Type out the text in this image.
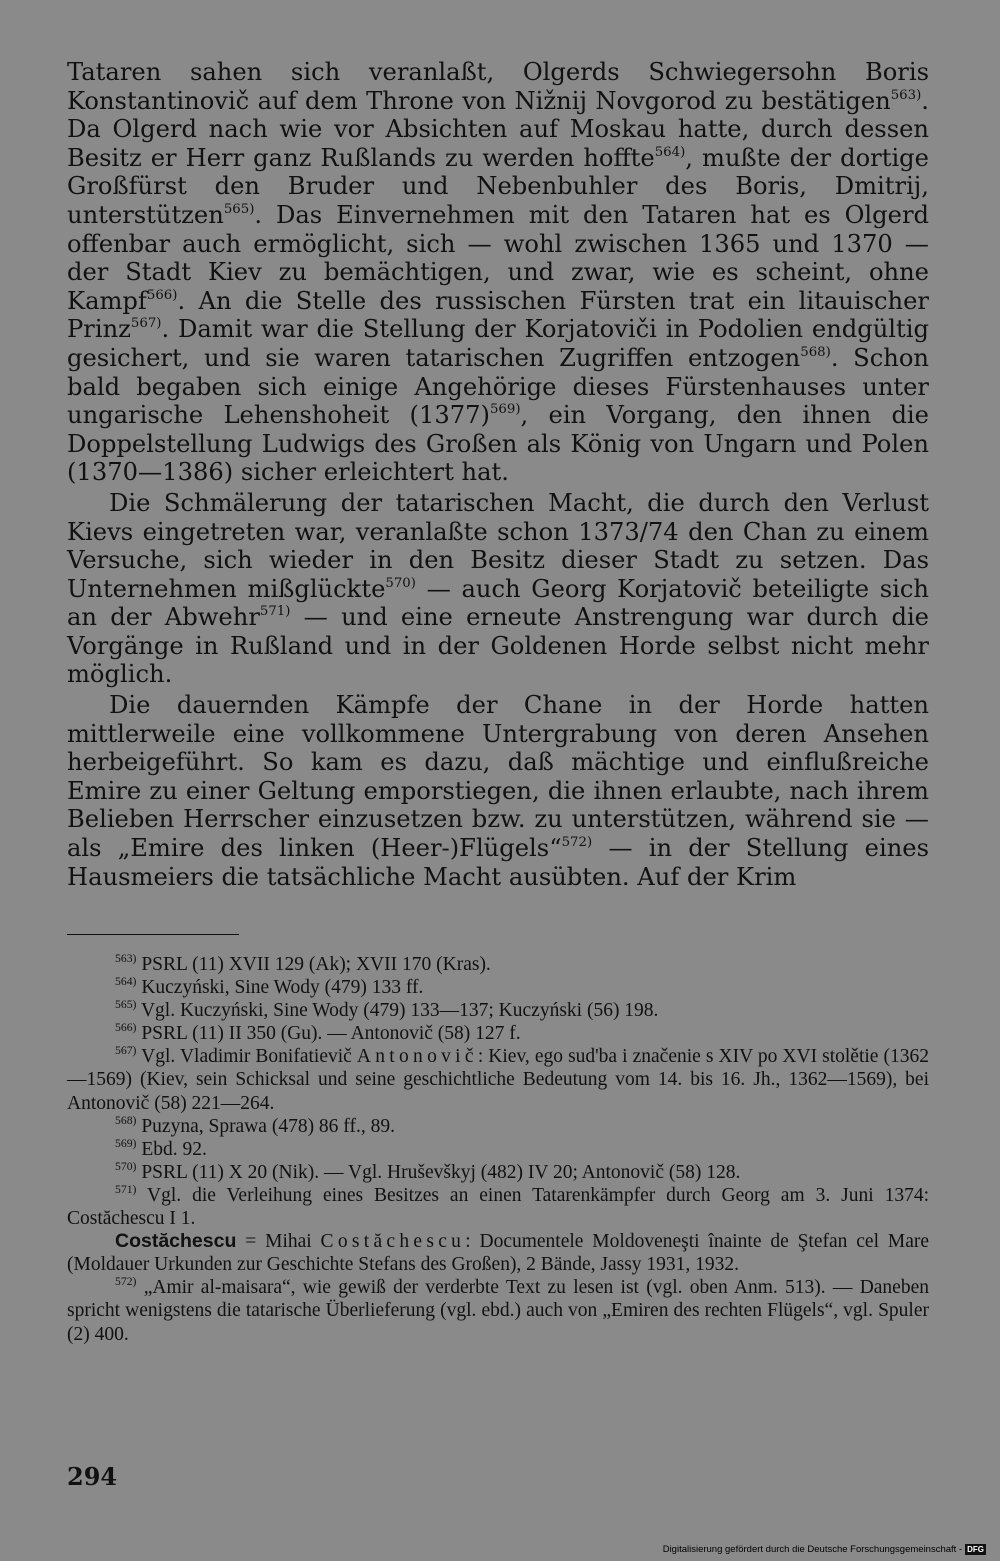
Tataren sahen sich veranlaßt, Olgerds Schwiegersohn Boris Konstantinovič auf dem Throne von Nižnij Novgorod zu bestätigen$^{563)}$. Da Olgerd nach wie vor Absichten auf Moskau hatte, durch dessen Besitz er Herr ganz Rußlands zu werden hoffte$^{564)}$, mußte der dortige Großfürst den Bruder und Nebenbuhler des Boris, Dmitrij, unterstützen$^{565)}$. Das Einvernehmen mit den Tataren hat es Olgerd offenbar auch ermöglicht, sich — wohl zwischen 1365 und 1370 — der Stadt Kiev zu bemächtigen, und zwar, wie es scheint, ohne Kampf$^{566)}$. An die Stelle des russischen Fürsten trat ein litauischer Prinz$^{567)}$. Damit war die Stellung der Korjatoviči in Podolien endgültig gesichert, und sie waren tatarischen Zugriffen entzogen$^{568)}$. Schon bald begaben sich einige Angehörige dieses Fürstenhauses unter ungarische Lehenshoheit $(1377)^{569)}$, ein Vorgang, den ihnen die Doppelstellung Ludwigs des Großen als König von Ungarn und Polen (1370—1386) sicher erleichtert hat.

Die Schmälerung der tatarischen Macht, die durch den Verlust Kievs eingetreten war, veranlaßte schon 1373/74 den Chan zu einem Versuche, sich wieder in den Besitz dieser Stadt zu setzen. Das Unternehmen mißglückte$^{570)}$ — auch Georg Korjatovič beteiligte sich an der Abwehr$^{571)}$ — und eine erneute Anstrengung war durch die Vorgänge in Rußland und in der Goldenen Horde selbst nicht mehr möglich.

Die dauernden Kämpfe der Chane in der Horde hatten mittlerweile eine vollkommene Untergrabung von deren Ansehen herbeigeführt. So kam es dazu, daß mächtige und einflußreiche Emire zu einer Geltung emporstiegen, die ihnen erlaubte, nach ihrem Belieben Herrscher einzusetzen bzw. zu unterstützen, während sie — als „Emire des linken (Heer-)Flügels“$^{572)}$ — in der Stellung eines Hausmeiers die tatsächliche Macht ausübten. Auf der Krim

$^{563)}$ PSRL (11) XVII 129 (Ak); XVII 170 (Kras).

$^{564)}$ Kuczyński, Sine Wody (479) 133 ff.

$^{565)}$ Vgl. Kuczyński, Sine Wody (479) 133—137; Kuczyński (56) 198.

$^{566)}$ PSRL (11) II 350 (Gu). — Antonovič (58) 127 f.

$^{567)}$ Vgl. Vladimir Bonifatievič Antonovič: Kiev, ego sud'ba i značenie s XIV po XVI stolětie (1362—1569) (Kiev, sein Schicksal und seine geschichtliche Bedeutung vom 14. bis 16. Jh., 1362—1569), bei Antonovič (58) 221—264.

$^{568)}$ Puzyna, Sprawa (478) 86 ff., 89.

$^{569)}$ Ebd. 92.

$^{570)}$ PSRL (11) X 20 (Nik). — Vgl. Hruševškyj (482) IV 20; Antonovič (58) 128.

$^{571)}$ Vgl. die Verleihung eines Besitzes an einen Tatarenkämpfer durch Georg am 3. Juni 1374: Costăchescu I 1.

Costăchescu = Mihai Costăchescu: Documentele Moldoveneşti înainte de Ştefan cel Mare (Moldauer Urkunden zur Geschichte Stefans des Großen), 2 Bände, Jassy 1931, 1932.

$^{572)}$ „Amir al-maisara“, wie gewiß der verderbte Text zu lesen ist (vgl. oben Anm. 513). — Daneben spricht wenigstens die tatarische Überlieferung (vgl. ebd.) auch von „Emiren des rechten Flügels“, vgl. Spuler (2) 400.

294
Digitalisierung gefördert durch die Deutsche Forschungsgemeinschaft - DFG
